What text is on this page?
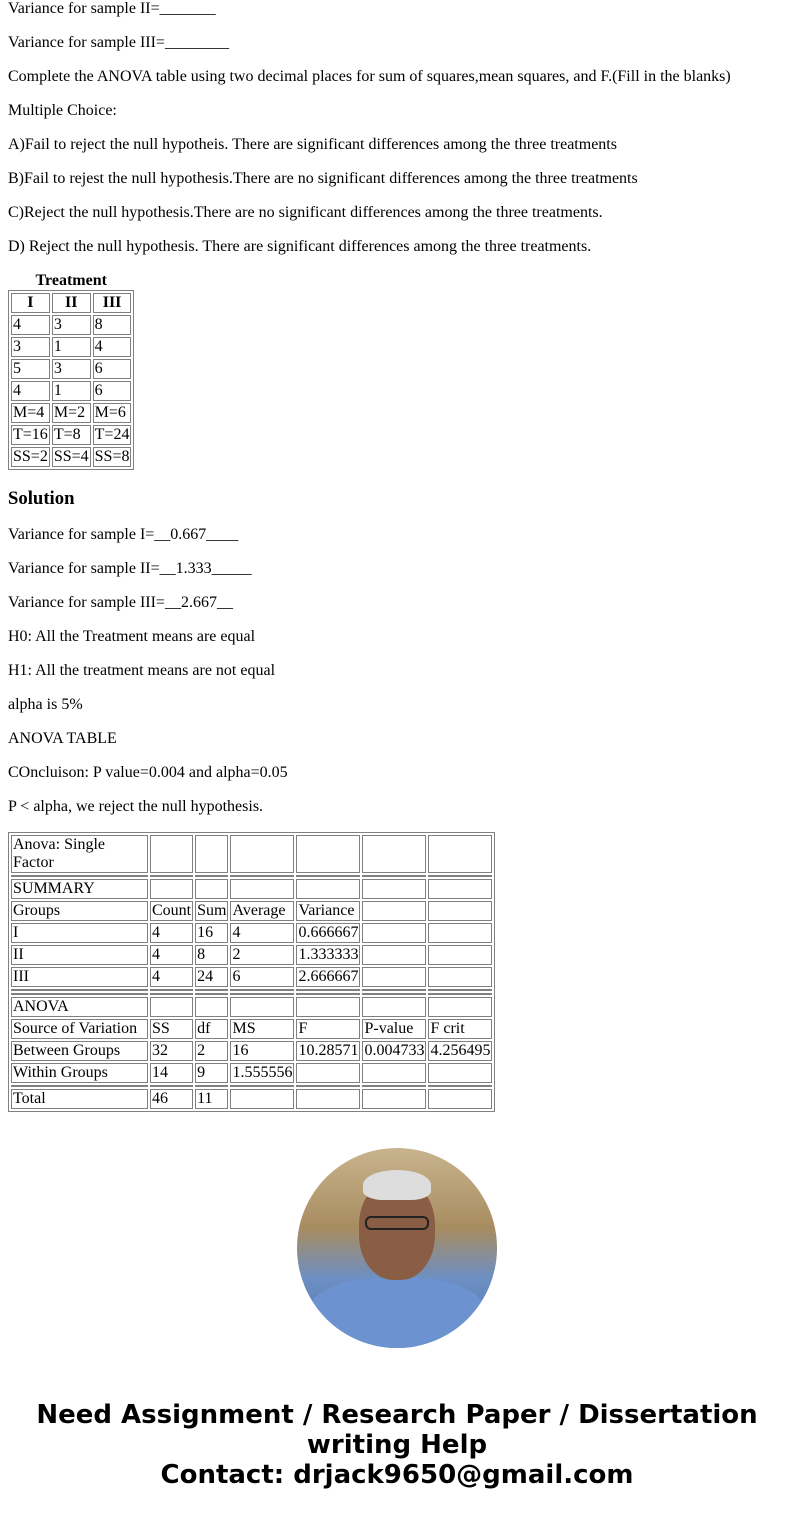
Variance for sample II=_______

Variance for sample III=________

Complete the ANOVA table using two decimal places for sum of squares,mean squares, and F.(Fill in the blanks)

Multiple Choice:

A)Fail to reject the null hypotheis. There are significant differences among the three treatments

B)Fail to rejest the null hypothesis.There are no significant differences among the three treatments

C)Reject the null hypothesis.There are no significant differences among the three treatments.

D) Reject the null hypothesis. There are significant differences among the three treatments.

Treatment
I	II	III
4	3	8
3	1	4
5	3	6
4	1	6
M=4	M=2	M=6
T=16	T=8	T=24
SS=2	SS=4	SS=8
Solution

Variance for sample I=__0.667____

Variance for sample II=__1.333_____

Variance for sample III=__2.667__

H0: All the Treatment means are equal

H1: All the treatment means are not equal

alpha is 5%

ANOVA TABLE

COncluison: P value=0.004 and alpha=0.05

P < alpha, we reject the null hypothesis.

Anova: Single Factor						

SUMMARY						
Groups	Count	Sum	Average	Variance		
I	4	16	4	0.666667		
II	4	8	2	1.333333		
III	4	24	6	2.666667		

ANOVA						
Source of Variation	SS	df	MS	F	P-value	F crit
Between Groups	32	2	16	10.28571	0.004733	4.256495
Within Groups	14	9	1.555556			

Total	46	11				
Need Assignment / Research Paper / Dissertation writing Help
Contact: drjack9650@gmail.com
